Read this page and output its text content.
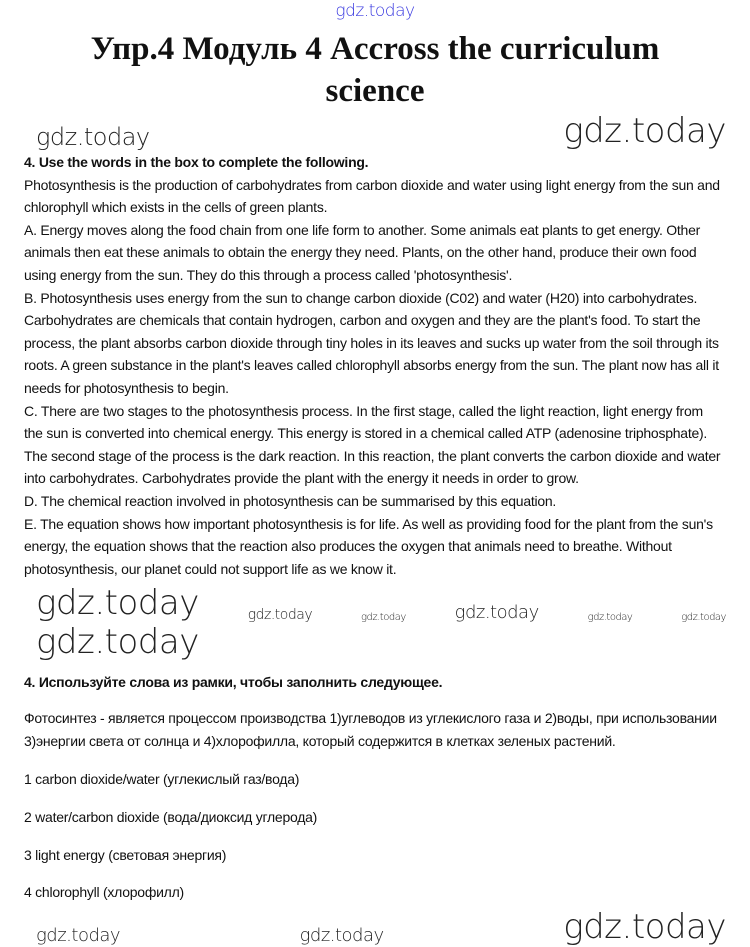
gdz.today
Упр.4 Модуль 4 Accross the curriculum
science
gdz.today	gdz.today

4. Use the words in the box to complete the following.

Photosynthesis is the production of carbohydrates from carbon dioxide and water using light energy from the sun and chlorophyll which exists in the cells of green plants.

A. Energy moves along the food chain from one life form to another. Some animals eat plants to get energy. Other animals then eat these animals to obtain the energy they need. Plants, on the other hand, produce their own food using energy from the sun. They do this through a process called 'photosynthesis'.

B. Photosynthesis uses energy from the sun to change carbon dioxide (C02) and water (H20) into carbohydrates. Carbohydrates are chemicals that contain hydrogen, carbon and oxygen and they are the plant's food. To start the process, the plant absorbs carbon dioxide through tiny holes in its leaves and sucks up water from the soil through its roots. A green substance in the plant's leaves called chlorophyll absorbs energy from the sun. The plant now has all it needs for photosynthesis to begin.

C. There are two stages to the photosynthesis process. In the first stage, called the light reaction, light energy from the sun is converted into chemical energy. This energy is stored in a chemical called ATP (adenosine triphosphate). The second stage of the process is the dark reaction. In this reaction, the plant converts the carbon dioxide and water into carbohydrates. Carbohydrates provide the plant with the energy it needs in order to grow.

D. The chemical reaction involved in photosynthesis can be summarised by this equation.

E. The equation shows how important photosynthesis is for life. As well as providing food for the plant from the sun's energy, the equation shows that the reaction also produces the oxygen that animals need to breathe. Without photosynthesis, our planet could not support life as we know it.

gdz.today	gdz.today	gdz.today	gdz.today	gdz.today	gdz.today
gdz.today

4. Используйте слова из рамки, чтобы заполнить следующее.

Фотосинтез - является процессом производства 1)углеводов из углекислого газа и 2)воды, при использовании 3)энергии света от солнца и 4)хлорофилла, который содержится в клетках зеленых растений.

1 carbon dioxide/water (углекислый газ/вода)

2 water/carbon dioxide (вода/диоксид углерода)

3 light energy (световая энергия)

4 chlorophyll (хлорофилл)

gdz.today	gdz.today	gdz.today
